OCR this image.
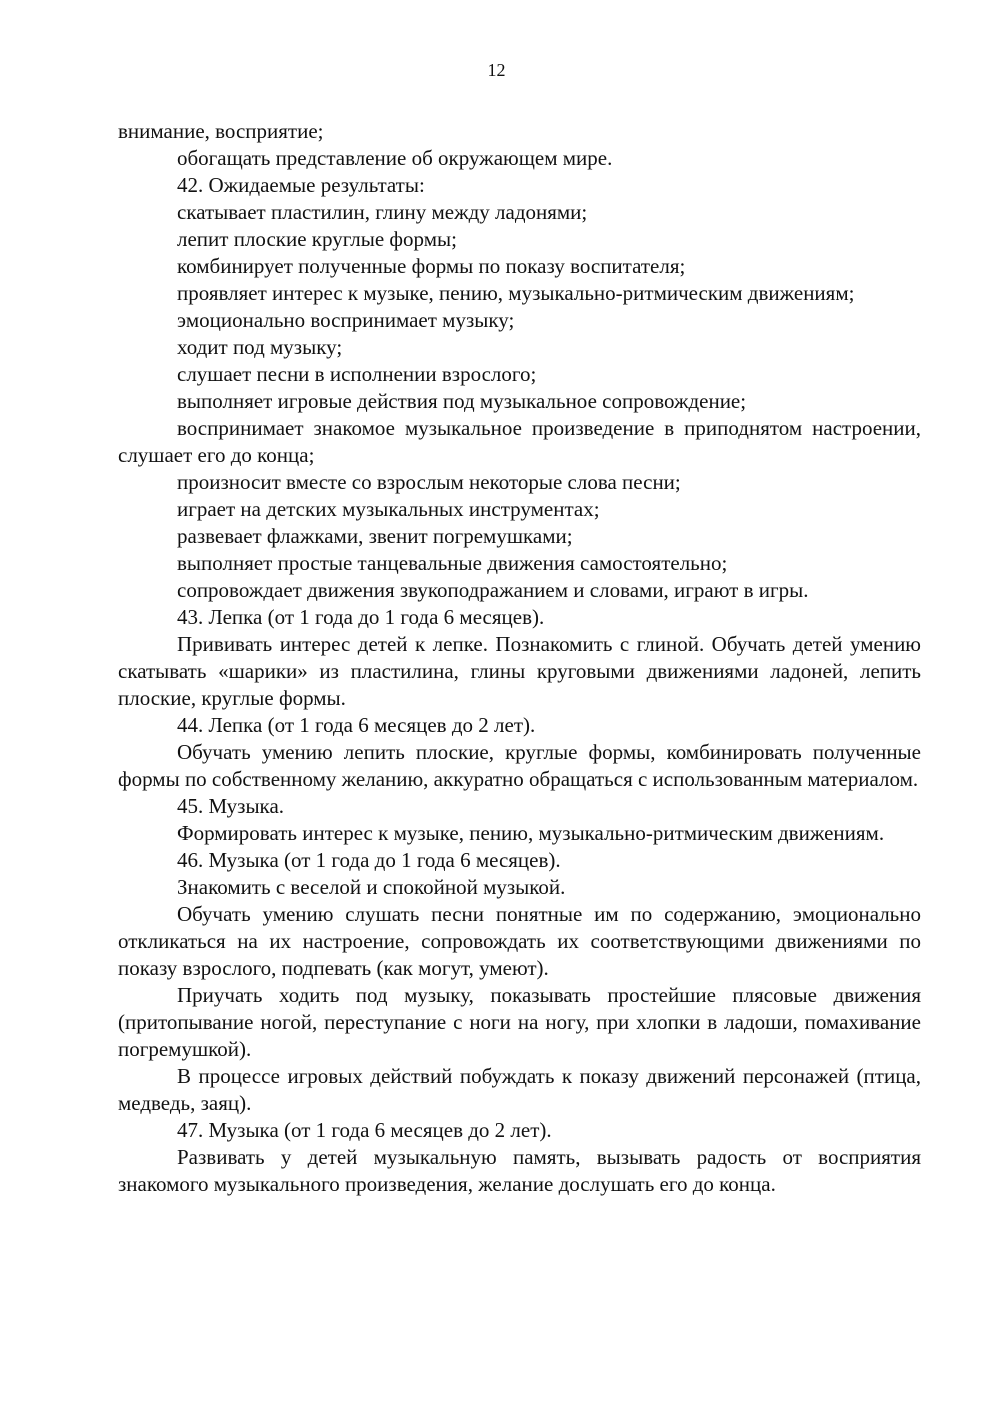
12

внимание, восприятие;

обогащать представление об окружающем мире.

42. Ожидаемые результаты:

скатывает пластилин, глину между ладонями;

лепит плоские круглые формы;

комбинирует полученные формы по показу воспитателя;

проявляет интерес к музыке, пению, музыкально-ритмическим движениям;

эмоционально воспринимает музыку;

ходит под музыку;

слушает песни в исполнении взрослого;

выполняет игровые действия под музыкальное сопровождение;

воспринимает знакомое музыкальное произведение в приподнятом настроении, слушает его до конца;

произносит вместе со взрослым некоторые слова песни;

играет на детских музыкальных инструментах;

развевает флажками, звенит погремушками;

выполняет простые танцевальные движения самостоятельно;

сопровождает движения звукоподражанием и словами, играют в игры.

43. Лепка (от 1 года до 1 года 6 месяцев).

Прививать интерес детей к лепке. Познакомить с глиной. Обучать детей умению скатывать «шарики» из пластилина, глины круговыми движениями ладоней, лепить плоские, круглые формы.

44. Лепка (от 1 года 6 месяцев до 2 лет).

Обучать умению лепить плоские, круглые формы, комбинировать полученные формы по собственному желанию, аккуратно обращаться с использованным материалом.

45. Музыка.

Формировать интерес к музыке, пению, музыкально-ритмическим движениям.

46. Музыка (от 1 года до 1 года 6 месяцев).

Знакомить с веселой и спокойной музыкой.

Обучать умению слушать песни понятные им по содержанию, эмоционально откликаться на их настроение, сопровождать их соответствующими движениями по показу взрослого, подпевать (как могут, умеют).

Приучать ходить под музыку, показывать простейшие плясовые движения (притопывание ногой, переступание с ноги на ногу, при хлопки в ладоши, помахивание погремушкой).

В процессе игровых действий побуждать к показу движений персонажей (птица, медведь, заяц).

47. Музыка (от 1 года 6 месяцев до 2 лет).

Развивать у детей музыкальную память, вызывать радость от восприятия знакомого музыкального произведения, желание дослушать его до конца.
